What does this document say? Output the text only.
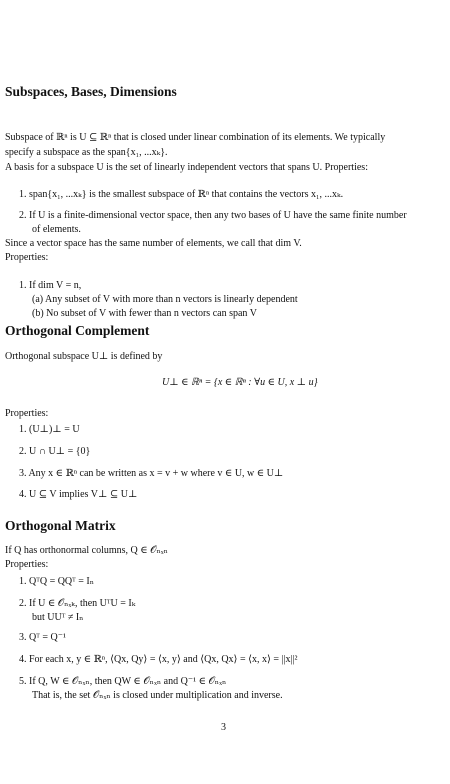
Subspaces, Bases, Dimensions
Subspace of ℝⁿ is U ⊆ ℝⁿ that is closed under linear combination of its elements. We typically
specify a subspace as the span{x₁, ...xₖ}.
A basis for a subspace U is the set of linearly independent vectors that spans U. Properties:
1. span{x₁, ...xₖ} is the smallest subspace of ℝⁿ that contains the vectors x₁, ...xₖ.
2. If U is a finite-dimensional vector space, then any two bases of U have the same finite number
of elements.
Since a vector space has the same number of elements, we call that dim V.
Properties:
1. If dim V = n,
(a) Any subset of V with more than n vectors is linearly dependent
(b) No subset of V with fewer than n vectors can span V
Orthogonal Complement
Orthogonal subspace U⊥ is defined by
U⊥ ∈ ℝⁿ = {x ∈ ℝⁿ : ∀u ∈ U, x ⊥ u}
Properties:
1. (U⊥)⊥ = U
2. U ∩ U⊥ = {0}
3. Any x ∈ ℝⁿ can be written as x = v + w where v ∈ U, w ∈ U⊥
4. U ⊆ V implies V⊥ ⊆ U⊥
Orthogonal Matrix
If Q has orthonormal columns, Q ∈ 𝒪ₙₓₙ
Properties:
1. QᵀQ = QQᵀ = Iₙ
2. If U ∈ 𝒪ₙₓₖ, then UᵀU = Iₖ
but UUᵀ ≠ Iₙ
3. Qᵀ = Q⁻¹
4. For each x, y ∈ ℝⁿ, ⟨Qx, Qy⟩ = ⟨x, y⟩ and ⟨Qx, Qx⟩ = ⟨x, x⟩ = ||x||²
5. If Q, W ∈ 𝒪ₙₓₙ, then QW ∈ 𝒪ₙₓₙ and Q⁻¹ ∈ 𝒪ₙₓₙ
That is, the set 𝒪ₙₓₙ is closed under multiplication and inverse.
3
